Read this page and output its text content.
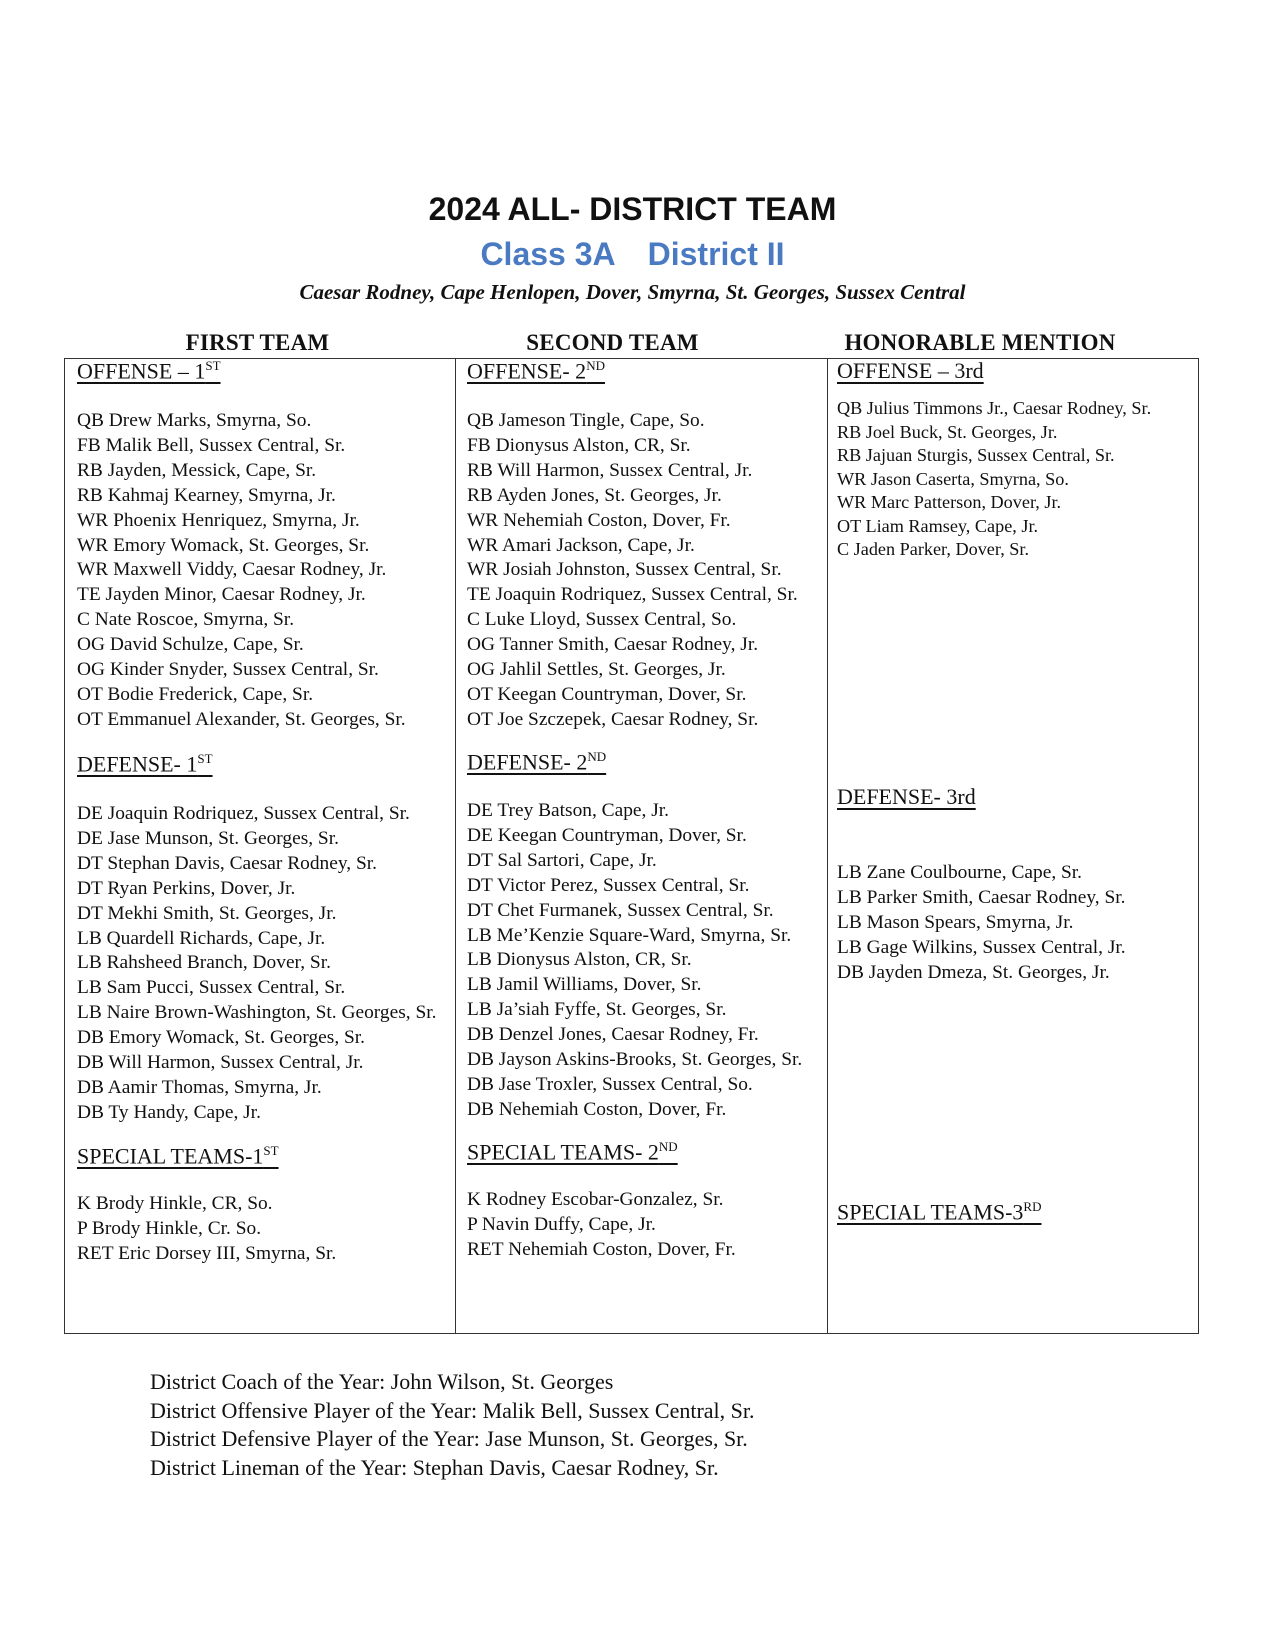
2024 ALL- DISTRICT TEAM
Class 3A District II
Caesar Rodney, Cape Henlopen, Dover, Smyrna, St. Georges, Sussex Central
FIRST TEAM	SECOND TEAM	HONORABLE MENTION
OFFENSE – 1ST
QB Drew Marks, Smyrna, So.
FB Malik Bell, Sussex Central, Sr.
RB Jayden, Messick, Cape, Sr.
RB Kahmaj Kearney, Smyrna, Jr.
WR Phoenix Henriquez, Smyrna, Jr.
WR Emory Womack, St. Georges, Sr.
WR Maxwell Viddy, Caesar Rodney, Jr.
TE Jayden Minor, Caesar Rodney, Jr.
C Nate Roscoe, Smyrna, Sr.
OG David Schulze, Cape, Sr.
OG Kinder Snyder, Sussex Central, Sr.
OT Bodie Frederick, Cape, Sr.
OT Emmanuel Alexander, St. Georges, Sr.
DEFENSE- 1ST
DE Joaquin Rodriquez, Sussex Central, Sr.
DE Jase Munson, St. Georges, Sr.
DT Stephan Davis, Caesar Rodney, Sr.
DT Ryan Perkins, Dover, Jr.
DT Mekhi Smith, St. Georges, Jr.
LB Quardell Richards, Cape, Jr.
LB Rahsheed Branch, Dover, Sr.
LB Sam Pucci, Sussex Central, Sr.
LB Naire Brown-Washington, St. Georges, Sr.
DB Emory Womack, St. Georges, Sr.
DB Will Harmon, Sussex Central, Jr.
DB Aamir Thomas, Smyrna, Jr.
DB Ty Handy, Cape, Jr.
SPECIAL TEAMS-1ST
K Brody Hinkle, CR, So.
P Brody Hinkle, Cr. So.
RET Eric Dorsey III, Smyrna, Sr.
OFFENSE- 2ND
QB Jameson Tingle, Cape, So.
FB Dionysus Alston, CR, Sr.
RB Will Harmon, Sussex Central, Jr.
RB Ayden Jones, St. Georges, Jr.
WR Nehemiah Coston, Dover, Fr.
WR Amari Jackson, Cape, Jr.
WR Josiah Johnston, Sussex Central, Sr.
TE Joaquin Rodriquez, Sussex Central, Sr.
C Luke Lloyd, Sussex Central, So.
OG Tanner Smith, Caesar Rodney, Jr.
OG Jahlil Settles, St. Georges, Jr.
OT Keegan Countryman, Dover, Sr.
OT Joe Szczepek, Caesar Rodney, Sr.
DEFENSE- 2ND
DE Trey Batson, Cape, Jr.
DE Keegan Countryman, Dover, Sr.
DT Sal Sartori, Cape, Jr.
DT Victor Perez, Sussex Central, Sr.
DT Chet Furmanek, Sussex Central, Sr.
LB Me’Kenzie Square-Ward, Smyrna, Sr.
LB Dionysus Alston, CR, Sr.
LB Jamil Williams, Dover, Sr.
LB Ja’siah Fyffe, St. Georges, Sr.
DB Denzel Jones, Caesar Rodney, Fr.
DB Jayson Askins-Brooks, St. Georges, Sr.
DB Jase Troxler, Sussex Central, So.
DB Nehemiah Coston, Dover, Fr.
SPECIAL TEAMS- 2ND
K Rodney Escobar-Gonzalez, Sr.
P Navin Duffy, Cape, Jr.
RET Nehemiah Coston, Dover, Fr.
OFFENSE – 3rd
QB Julius Timmons Jr., Caesar Rodney, Sr.
RB Joel Buck, St. Georges, Jr.
RB Jajuan Sturgis, Sussex Central, Sr.
WR Jason Caserta, Smyrna, So.
WR Marc Patterson, Dover, Jr.
OT Liam Ramsey, Cape, Jr.
C Jaden Parker, Dover, Sr.
DEFENSE- 3rd
LB Zane Coulbourne, Cape, Sr.
LB Parker Smith, Caesar Rodney, Sr.
LB Mason Spears, Smyrna, Jr.
LB Gage Wilkins, Sussex Central, Jr.
DB Jayden Dmeza, St. Georges, Jr.
SPECIAL TEAMS-3RD
District Coach of the Year: John Wilson, St. Georges
District Offensive Player of the Year: Malik Bell, Sussex Central, Sr.
District Defensive Player of the Year: Jase Munson, St. Georges, Sr.
District Lineman of the Year: Stephan Davis, Caesar Rodney, Sr.
